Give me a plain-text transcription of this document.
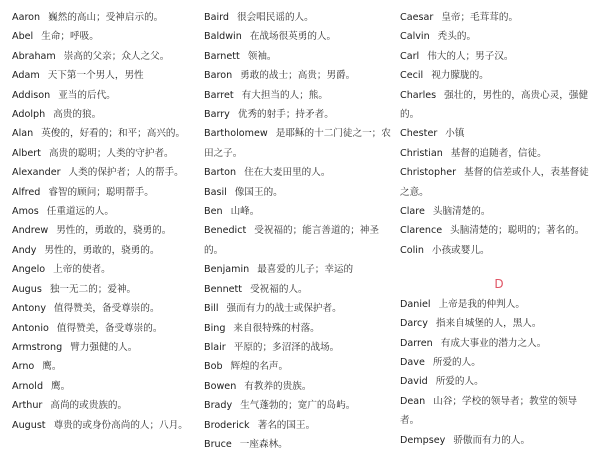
Aaron 巍然的高山；受神启示的。

Abel 生命；呼吸。

Abraham 崇高的父亲；众人之父。

Adam 天下第一个男人，男性

Addison 亚当的后代。

Adolph 高贵的狼。

Alan 英俊的，好看的；和平；高兴的。

Albert 高贵的聪明；人类的守护者。

Alexander 人类的保护者；人的帮手。

Alfred 睿智的顾问；聪明帮手。

Amos 任重道远的人。

Andrew 男性的，勇敢的，骁勇的。

Andy 男性的，勇敢的，骁勇的。

Angelo 上帝的使者。

Augus 独一无二的；爱神。

Antony 值得赞美，备受尊崇的。

Antonio 值得赞美，备受尊崇的。

Armstrong 臂力强健的人。

Arno 鹰。

Arnold 鹰。

Arthur 高尚的或贵族的。

August 尊贵的或身份高尚的人；八月。

Baird 很会唱民谣的人。

Baldwin 在战场很英勇的人。

Barnett 领袖。

Baron 勇敢的战士；高贵；男爵。

Barret 有大担当的人；熊。

Barry 优秀的射手；持矛者。

Bartholomew 是耶稣的十二门徒之一；农田之子。

Barton 住在大麦田里的人。

Basil 像国王的。

Ben 山峰。

Benedict 受祝福的；能言善道的；神圣的。

Benjamin 最喜爱的儿子；幸运的

Bennett 受祝福的人。

Bill 强而有力的战士或保护者。

Bing 来自很特殊的村落。

Blair 平原的；多沼泽的战场。

Bob 辉煌的名声。

Bowen 有教养的贵族。

Brady 生气蓬勃的；宽广的岛屿。

Broderick 著名的国王。

Bruce 一座森林。

Caesar 皇帝；毛茸茸的。

Calvin 秃头的。

Carl 伟大的人；男子汉。

Cecil 视力朦胧的。

Charles 强壮的，男性的，高贵心灵，强健的。

Chester 小镇

Christian 基督的追随者，信徒。

Christopher 基督的信差或仆人，表基督徒之意。

Clare 头脑清楚的。

Clarence 头脑清楚的；聪明的；著名的。

Colin 小孩或婴儿。

D

Daniel 上帝是我的仲判人。

Darcy 指来自城堡的人，黑人。

Darren 有成大事业的潜力之人。

Dave 所爱的人。

David 所爱的人。

Dean 山谷；学校的领导者；教堂的领导者。

Dempsey 骄傲而有力的人。
